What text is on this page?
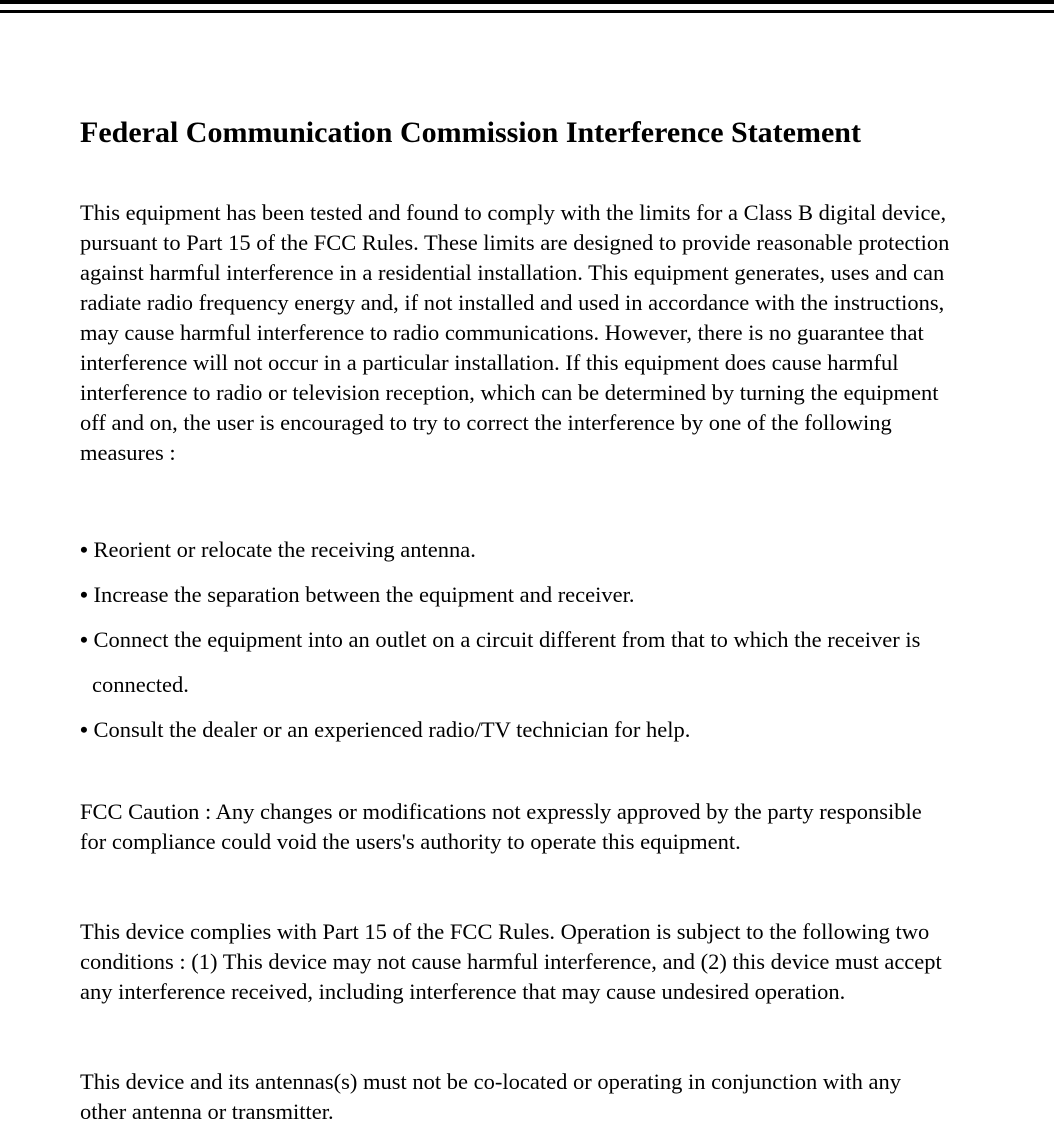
Federal Communication Commission Interference Statement

This equipment has been tested and found to comply with the limits for a Class B digital device,
pursuant to Part 15 of the FCC Rules. These limits are designed to provide reasonable protection
against harmful interference in a residential installation. This equipment generates, uses and can
radiate radio frequency energy and, if not installed and used in accordance with the instructions,
may cause harmful interference to radio communications. However, there is no guarantee that
interference will not occur in a particular installation. If this equipment does cause harmful
interference to radio or television reception, which can be determined by turning the equipment
off and on, the user is encouraged to try to correct the interference by one of the following
measures :

• Reorient or relocate the receiving antenna.
• Increase the separation between the equipment and receiver.
• Connect the equipment into an outlet on a circuit different from that to which the receiver is
connected.
• Consult the dealer or an experienced radio/TV technician for help.

FCC Caution : Any changes or modifications not expressly approved by the party responsible
for compliance could void the users's authority to operate this equipment.

This device complies with Part 15 of the FCC Rules. Operation is subject to the following two
conditions : (1) This device may not cause harmful interference, and (2) this device must accept
any interference received, including interference that may cause undesired operation.

This device and its antennas(s) must not be co-located or operating in conjunction with any
other antenna or transmitter.
